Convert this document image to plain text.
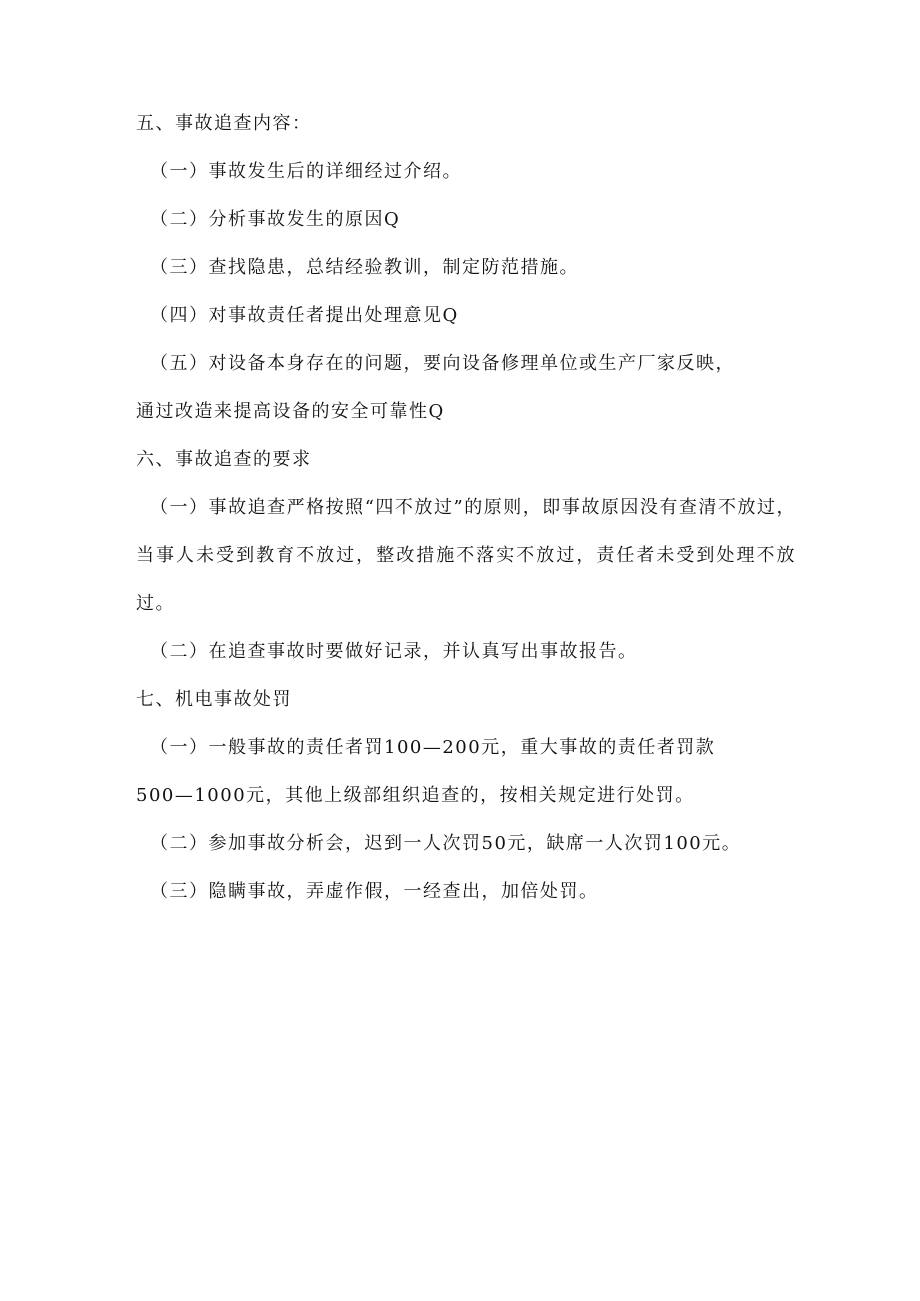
五、事故追查内容：

（一）事故发生后的详细经过介绍。

（二）分析事故发生的原因Q

（三）查找隐患，总结经验教训，制定防范措施。

（四）对事故责任者提出处理意见Q

（五）对设备本身存在的问题，要向设备修理单位或生产厂家反映，

通过改造来提高设备的安全可靠性Q

六、事故追查的要求

（一）事故追查严格按照“四不放过”的原则，即事故原因没有查清不放过，当事人未受到教育不放过，整改措施不落实不放过，责任者未受到处理不放过。

（二）在追查事故时要做好记录，并认真写出事故报告。

七、机电事故处罚

（一）一般事故的责任者罚100—200元，重大事故的责任者罚款

500—1000元，其他上级部组织追查的，按相关规定进行处罚。

（二）参加事故分析会，迟到一人次罚50元，缺席一人次罚100元。

（三）隐瞒事故，弄虚作假，一经查出，加倍处罚。
